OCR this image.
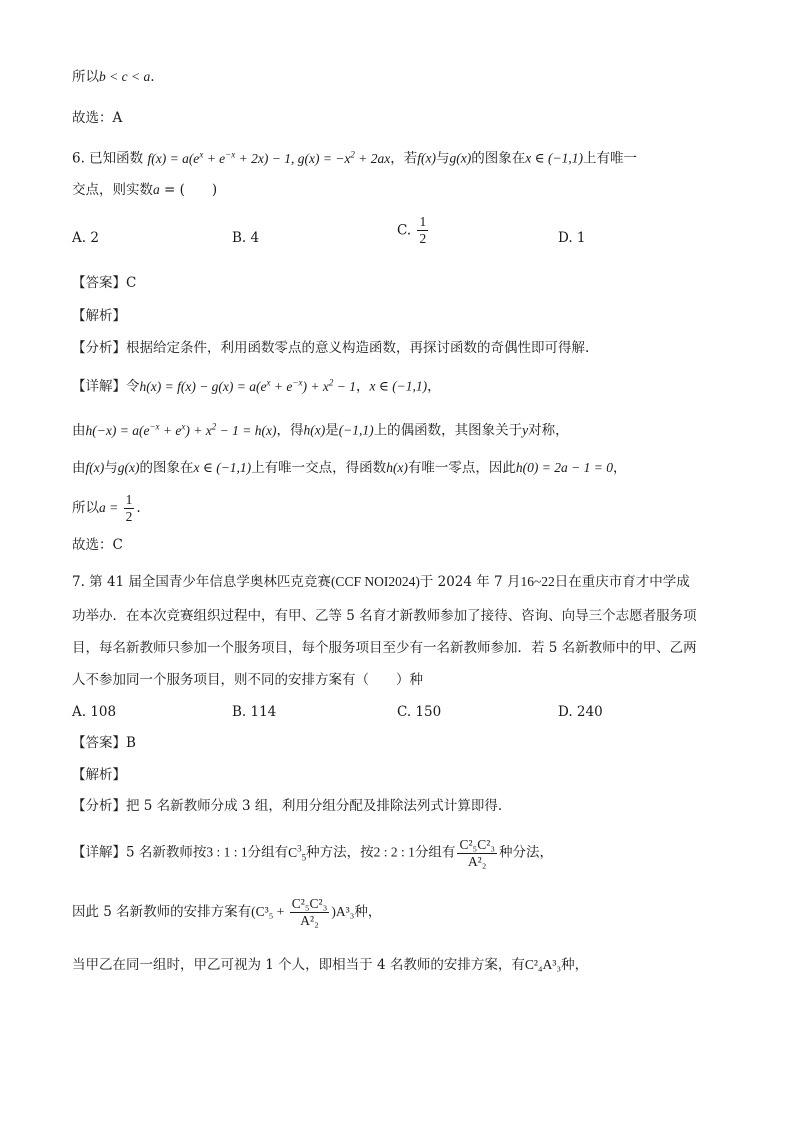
所以b < c < a.
故选：A
6. 已知函数 $f(x) = a(e^x + e^{-x} + 2x) - 1$, $g(x) = -x^2 + 2ax$，若f(x)与g(x)的图象在x ∈ (−1,1)上有唯一
交点，则实数a = (　　)
A. 2	B. 4	C. $\frac{1}{2}$	D. 1
【答案】C
【解析】
【分析】根据给定条件，利用函数零点的意义构造函数，再探讨函数的奇偶性即可得解.
【详解】令$h(x) = f(x) - g(x) = a(e^x + e^{-x}) + x^2 - 1$，x ∈ (−1,1)，
由$h(-x) = a(e^{-x} + e^x) + x^2 - 1 = h(x)$，得h(x)是(−1,1)上的偶函数，其图象关于y对称，
由f(x)与g(x)的图象在x ∈ (−1,1)上有唯一交点，得函数h(x)有唯一零点，因此h(0) = 2a − 1 = 0，
所以$a = \frac{1}{2}$ .
故选：C
7. 第 41 届全国青少年信息学奥林匹克竞赛(CCF NOI2024)于 2024 年 7 月16~22日在重庆市育才中学成
功举办．在本次竞赛组织过程中，有甲、乙等 5 名育才新教师参加了接待、咨询、向导三个志愿者服务项
目，每名新教师只参加一个服务项目，每个服务项目至少有一名新教师参加．若 5 名新教师中的甲、乙两
人不参加同一个服务项目，则不同的安排方案有（　　）种
A. 108	B. 114	C. 150	D. 240
【答案】B
【解析】
【分析】把 5 名新教师分成 3 组，利用分组分配及排除法列式计算即得.
【详解】5 名新教师按3 : 1 : 1分组有$C^3_5$种方法，按2 : 2 : 1分组有 $\frac{\text{C²₅C²₃}}{\text{A²₂}}$ 种分法，
因此 5 名新教师的安排方案有$(C^3_5 + \frac{\text{C²₅C²₃}}{\text{A²₂}} )A^3_3$种，
当甲乙在同一组时，甲乙可视为 1 个人，即相当于 4 名教师的安排方案，有C²₄A³₃种，
